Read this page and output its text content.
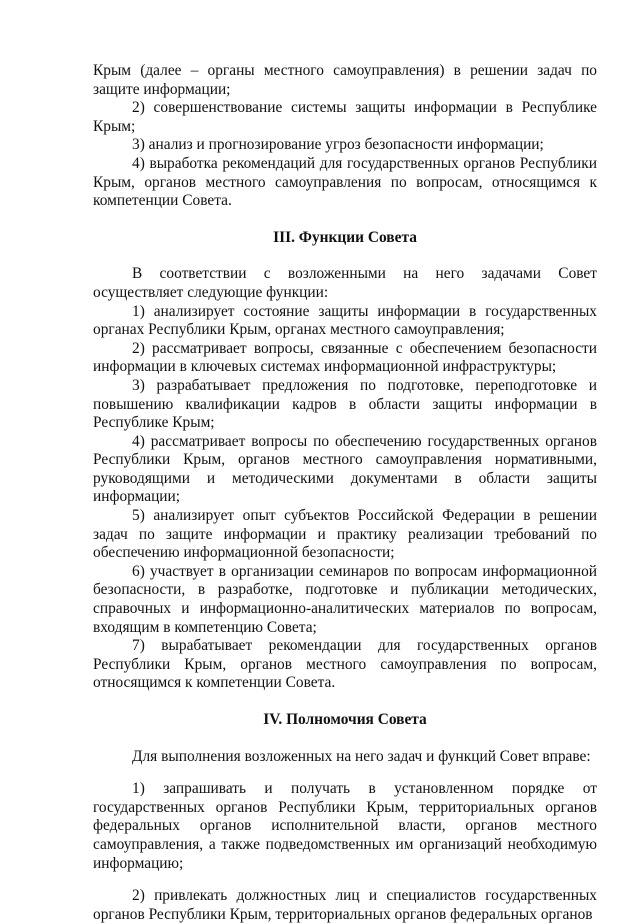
Крым (далее – органы местного самоуправления) в решении задач по защите информации;

2) совершенствование системы защиты информации в Республике Крым;

3) анализ и прогнозирование угроз безопасности информации;

4) выработка рекомендаций для государственных органов Республики Крым, органов местного самоуправления по вопросам, относящимся к компетенции Совета.

III. Функции Совета

В соответствии с возложенными на него задачами Совет осуществляет следующие функции:

1) анализирует состояние защиты информации в государственных органах Республики Крым, органах местного самоуправления;

2) рассматривает вопросы, связанные с обеспечением безопасности информации в ключевых системах информационной инфраструктуры;

3) разрабатывает предложения по подготовке, переподготовке и повышению квалификации кадров в области защиты информации в Республике Крым;

4) рассматривает вопросы по обеспечению государственных органов Республики Крым, органов местного самоуправления нормативными, руководящими и методическими документами в области защиты информации;

5) анализирует опыт субъектов Российской Федерации в решении задач по защите информации и практику реализации требований по обеспечению информационной безопасности;

6) участвует в организации семинаров по вопросам информационной безопасности, в разработке, подготовке и публикации методических, справочных и информационно-аналитических материалов по вопросам, входящим в компетенцию Совета;

7) вырабатывает рекомендации для государственных органов Республики Крым, органов местного самоуправления по вопросам, относящимся к компетенции Совета.

IV. Полномочия Совета

Для выполнения возложенных на него задач и функций Совет вправе:

1) запрашивать и получать в установленном порядке от государственных органов Республики Крым, территориальных органов федеральных органов исполнительной власти, органов местного самоуправления, а также подведомственных им организаций необходимую информацию;

2) привлекать должностных лиц и специалистов государственных органов Республики Крым, территориальных органов федеральных органов
